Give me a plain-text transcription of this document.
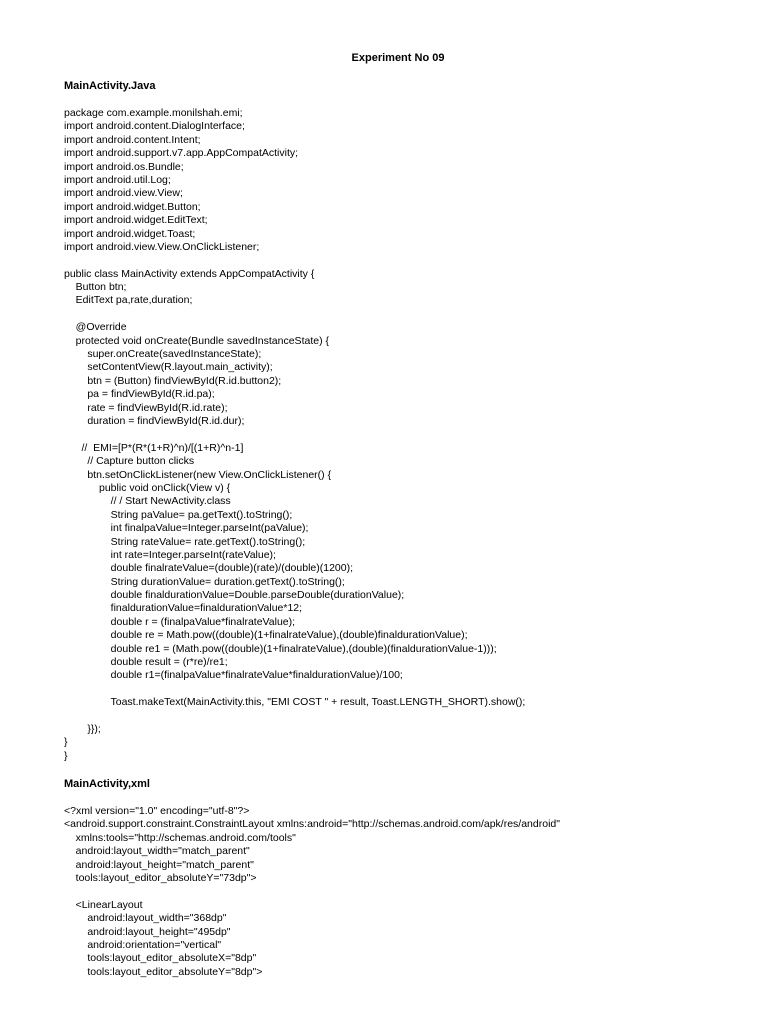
Experiment No 09
MainActivity.Java
package com.example.monilshah.emi;
import android.content.DialogInterface;
import android.content.Intent;
import android.support.v7.app.AppCompatActivity;
import android.os.Bundle;
import android.util.Log;
import android.view.View;
import android.widget.Button;
import android.widget.EditText;
import android.widget.Toast;
import android.view.View.OnClickListener;
public class MainActivity extends AppCompatActivity {
Button btn;
EditText pa,rate,duration;
@Override
protected void onCreate(Bundle savedInstanceState) {
super.onCreate(savedInstanceState);
setContentView(R.layout.main_activity);
btn = (Button) findViewById(R.id.button2);
pa = findViewById(R.id.pa);
rate = findViewById(R.id.rate);
duration = findViewById(R.id.dur);
//  EMI=[P*(R*(1+R)^n)/[(1+R)^n-1]
// Capture button clicks
btn.setOnClickListener(new View.OnClickListener() {
public void onClick(View v) {
// / Start NewActivity.class
String paValue= pa.getText().toString();
int finalpaValue=Integer.parseInt(paValue);
String rateValue= rate.getText().toString();
int rate=Integer.parseInt(rateValue);
double finalrateValue=(double)(rate)/(double)(1200);
String durationValue= duration.getText().toString();
double finaldurationValue=Double.parseDouble(durationValue);
finaldurationValue=finaldurationValue*12;
double r = (finalpaValue*finalrateValue);
double re = Math.pow((double)(1+finalrateValue),(double)finaldurationValue);
double re1 = (Math.pow((double)(1+finalrateValue),(double)(finaldurationValue-1)));
double result = (r*re)/re1;
double r1=(finalpaValue*finalrateValue*finaldurationValue)/100;
Toast.makeText(MainActivity.this, "EMI COST " + result, Toast.LENGTH_SHORT).show();
}});
}
}
MainActivity,xml
<?xml version="1.0" encoding="utf-8"?>
<android.support.constraint.ConstraintLayout xmlns:android="http://schemas.android.com/apk/res/android"
xmlns:tools="http://schemas.android.com/tools"
android:layout_width="match_parent"
android:layout_height="match_parent"
tools:layout_editor_absoluteY="73dp">
<LinearLayout
android:layout_width="368dp"
android:layout_height="495dp"
android:orientation="vertical"
tools:layout_editor_absoluteX="8dp"
tools:layout_editor_absoluteY="8dp">
